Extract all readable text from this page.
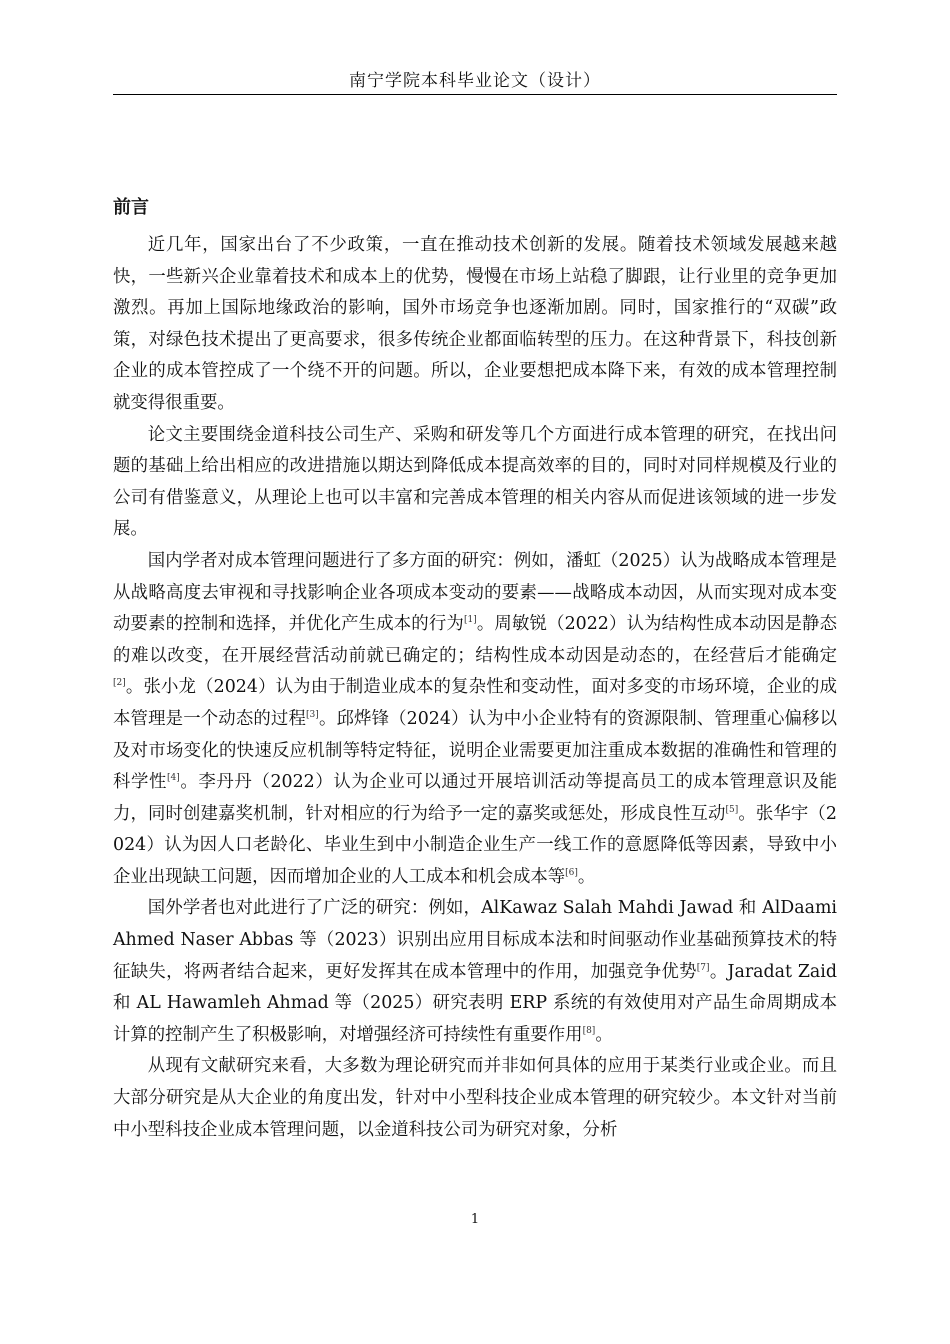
南宁学院本科毕业论文（设计）
前言

近几年，国家出台了不少政策，一直在推动技术创新的发展。随着技术领域发展越来越快，一些新兴企业靠着技术和成本上的优势，慢慢在市场上站稳了脚跟，让行业里的竞争更加激烈。再加上国际地缘政治的影响，国外市场竞争也逐渐加剧。同时，国家推行的“双碳”政策，对绿色技术提出了更高要求，很多传统企业都面临转型的压力。在这种背景下，科技创新企业的成本管控成了一个绕不开的问题。所以，企业要想把成本降下来，有效的成本管理控制就变得很重要。

论文主要围绕金道科技公司生产、采购和研发等几个方面进行成本管理的研究，在找出问题的基础上给出相应的改进措施以期达到降低成本提高效率的目的，同时对同样规模及行业的公司有借鉴意义，从理论上也可以丰富和完善成本管理的相关内容从而促进该领域的进一步发展。

国内学者对成本管理问题进行了多方面的研究：例如，潘虹（2025）认为战略成本管理是从战略高度去审视和寻找影响企业各项成本变动的要素——战略成本动因，从而实现对成本变动要素的控制和选择，并优化产生成本的行为[1]。周敏锐（2022）认为结构性成本动因是静态的难以改变，在开展经营活动前就已确定的；结构性成本动因是动态的，在经营后才能确定[2]。张小龙（2024）认为由于制造业成本的复杂性和变动性，面对多变的市场环境，企业的成本管理是一个动态的过程[3]。邱烨锋（2024）认为中小企业特有的资源限制、管理重心偏移以及对市场变化的快速反应机制等特定特征，说明企业需要更加注重成本数据的准确性和管理的科学性[4]。李丹丹（2022）认为企业可以通过开展培训活动等提高员工的成本管理意识及能力，同时创建嘉奖机制，针对相应的行为给予一定的嘉奖或惩处，形成良性互动[5]。张华宇（2024）认为因人口老龄化、毕业生到中小制造企业生产一线工作的意愿降低等因素，导致中小企业出现缺工问题，因而增加企业的人工成本和机会成本等[6]。

国外学者也对此进行了广泛的研究：例如，AlKawaz Salah Mahdi Jawad 和 AlDaami Ahmed Naser Abbas 等（2023）识别出应用目标成本法和时间驱动作业基础预算技术的特征缺失，将两者结合起来，更好发挥其在成本管理中的作用，加强竞争优势[7]。Jaradat Zaid 和 AL Hawamleh Ahmad 等（2025）研究表明 ERP 系统的有效使用对产品生命周期成本计算的控制产生了积极影响，对增强经济可持续性有重要作用[8]。

从现有文献研究来看，大多数为理论研究而并非如何具体的应用于某类行业或企业。而且大部分研究是从大企业的角度出发，针对中小型科技企业成本管理的研究较少。本文针对当前中小型科技企业成本管理问题，以金道科技公司为研究对象，分析

1
